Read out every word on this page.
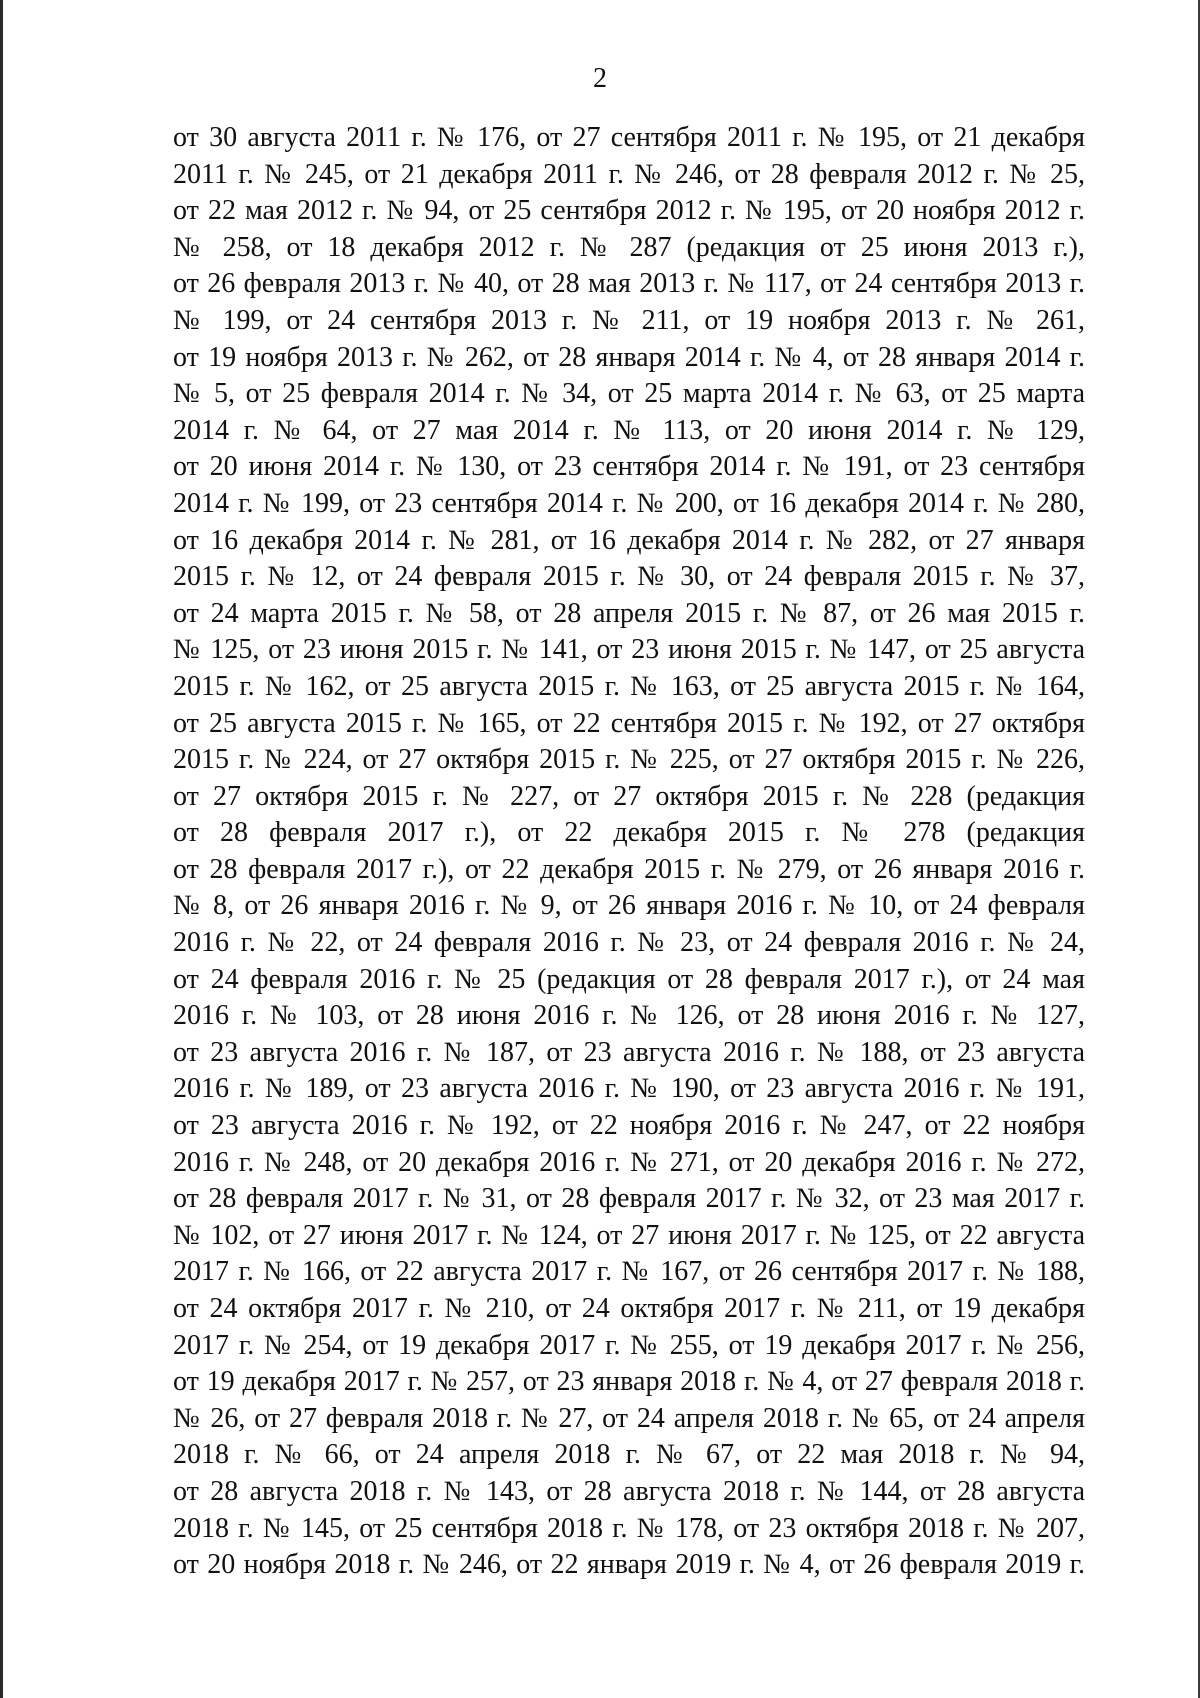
2
от 30 августа 2011 г. № 176, от 27 сентября 2011 г. № 195, от 21 декабря
2011 г. № 245, от 21 декабря 2011 г. № 246, от 28 февраля 2012 г. № 25,
от 22 мая 2012 г. № 94, от 25 сентября 2012 г. № 195, от 20 ноября 2012 г.
№ 258, от 18 декабря 2012 г. № 287 (редакция от 25 июня 2013 г.),
от 26 февраля 2013 г. № 40, от 28 мая 2013 г. № 117, от 24 сентября 2013 г.
№ 199, от 24 сентября 2013 г. № 211, от 19 ноября 2013 г. № 261,
от 19 ноября 2013 г. № 262, от 28 января 2014 г. № 4, от 28 января 2014 г.
№ 5, от 25 февраля 2014 г. № 34, от 25 марта 2014 г. № 63, от 25 марта
2014 г. № 64, от 27 мая 2014 г. № 113, от 20 июня 2014 г. № 129,
от 20 июня 2014 г. № 130, от 23 сентября 2014 г. № 191, от 23 сентября
2014 г. № 199, от 23 сентября 2014 г. № 200, от 16 декабря 2014 г. № 280,
от 16 декабря 2014 г. № 281, от 16 декабря 2014 г. № 282, от 27 января
2015 г. № 12, от 24 февраля 2015 г. № 30, от 24 февраля 2015 г. № 37,
от 24 марта 2015 г. № 58, от 28 апреля 2015 г. № 87, от 26 мая 2015 г.
№ 125, от 23 июня 2015 г. № 141, от 23 июня 2015 г. № 147, от 25 августа
2015 г. № 162, от 25 августа 2015 г. № 163, от 25 августа 2015 г. № 164,
от 25 августа 2015 г. № 165, от 22 сентября 2015 г. № 192, от 27 октября
2015 г. № 224, от 27 октября 2015 г. № 225, от 27 октября 2015 г. № 226,
от 27 октября 2015 г. № 227, от 27 октября 2015 г. № 228 (редакция
от 28 февраля 2017 г.), от 22 декабря 2015 г. № 278 (редакция
от 28 февраля 2017 г.), от 22 декабря 2015 г. № 279, от 26 января 2016 г.
№ 8, от 26 января 2016 г. № 9, от 26 января 2016 г. № 10, от 24 февраля
2016 г. № 22, от 24 февраля 2016 г. № 23, от 24 февраля 2016 г. № 24,
от 24 февраля 2016 г. № 25 (редакция от 28 февраля 2017 г.), от 24 мая
2016 г. № 103, от 28 июня 2016 г. № 126, от 28 июня 2016 г. № 127,
от 23 августа 2016 г. № 187, от 23 августа 2016 г. № 188, от 23 августа
2016 г. № 189, от 23 августа 2016 г. № 190, от 23 августа 2016 г. № 191,
от 23 августа 2016 г. № 192, от 22 ноября 2016 г. № 247, от 22 ноября
2016 г. № 248, от 20 декабря 2016 г. № 271, от 20 декабря 2016 г. № 272,
от 28 февраля 2017 г. № 31, от 28 февраля 2017 г. № 32, от 23 мая 2017 г.
№ 102, от 27 июня 2017 г. № 124, от 27 июня 2017 г. № 125, от 22 августа
2017 г. № 166, от 22 августа 2017 г. № 167, от 26 сентября 2017 г. № 188,
от 24 октября 2017 г. № 210, от 24 октября 2017 г. № 211, от 19 декабря
2017 г. № 254, от 19 декабря 2017 г. № 255, от 19 декабря 2017 г. № 256,
от 19 декабря 2017 г. № 257, от 23 января 2018 г. № 4, от 27 февраля 2018 г.
№ 26, от 27 февраля 2018 г. № 27, от 24 апреля 2018 г. № 65, от 24 апреля
2018 г. № 66, от 24 апреля 2018 г. № 67, от 22 мая 2018 г. № 94,
от 28 августа 2018 г. № 143, от 28 августа 2018 г. № 144, от 28 августа
2018 г. № 145, от 25 сентября 2018 г. № 178, от 23 октября 2018 г. № 207,
от 20 ноября 2018 г. № 246, от 22 января 2019 г. № 4, от 26 февраля 2019 г.
